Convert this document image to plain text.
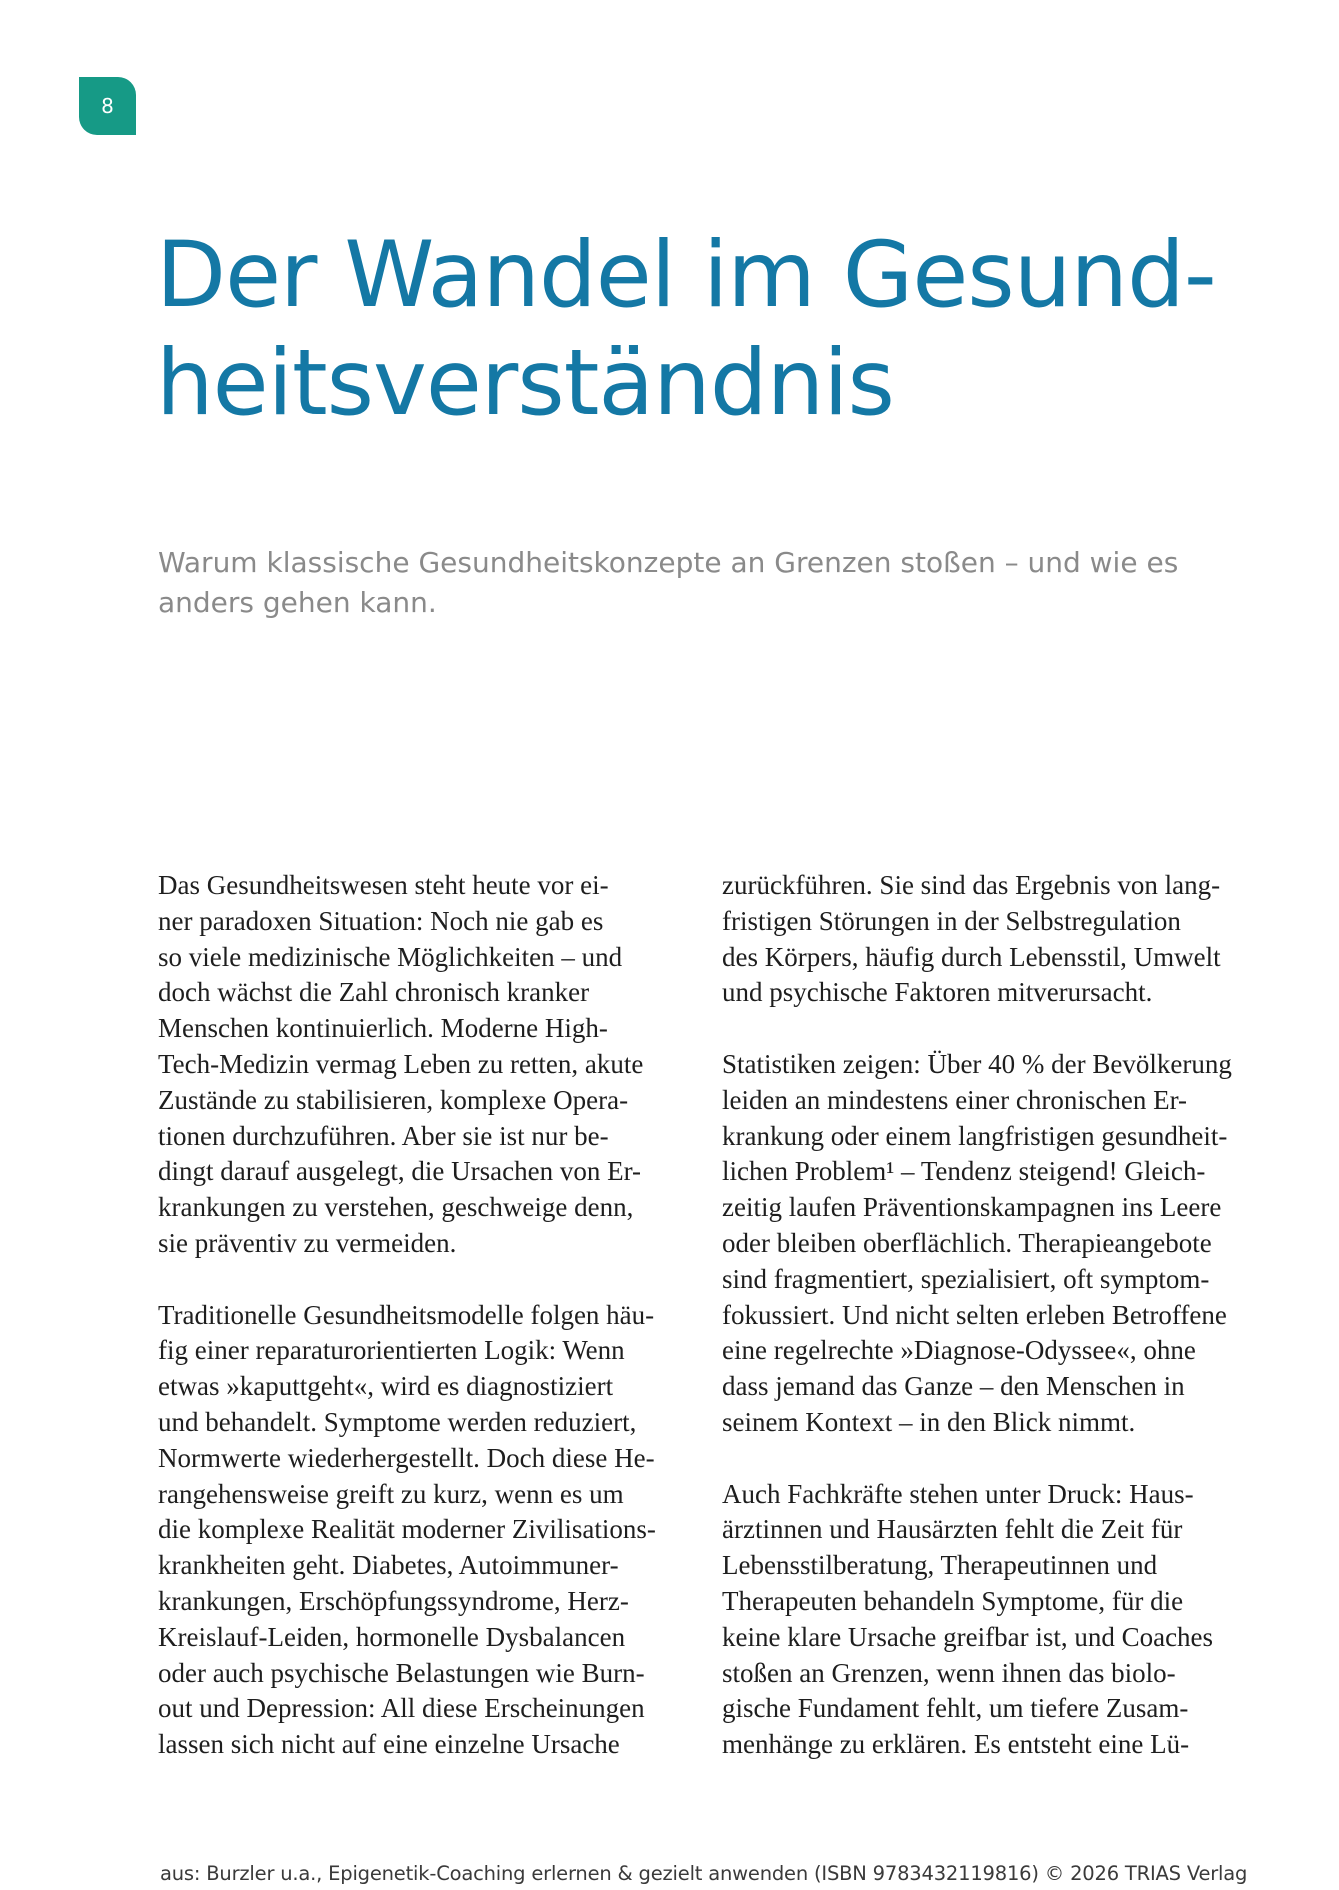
8
Der Wandel im Gesund-
heitsverständnis

Warum klassische Gesundheitskonzepte an Grenzen stoßen – und wie es
anders gehen kann.

Das Gesundheitswesen steht heute vor ei-
ner paradoxen Situation: Noch nie gab es
so viele medizinische Möglichkeiten – und
doch wächst die Zahl chronisch kranker
Menschen kontinuierlich. Moderne High-
Tech-Medizin vermag Leben zu retten, akute
Zustände zu stabilisieren, komplexe Opera-
tionen durchzuführen. Aber sie ist nur be-
dingt darauf ausgelegt, die Ursachen von Er-
krankungen zu verstehen, geschweige denn,
sie präventiv zu vermeiden.

Traditionelle Gesundheitsmodelle folgen häu-
fig einer reparaturorientierten Logik: Wenn
etwas »kaputtgeht«, wird es diagnostiziert
und behandelt. Symptome werden reduziert,
Normwerte wiederhergestellt. Doch diese He-
rangehensweise greift zu kurz, wenn es um
die komplexe Realität moderner Zivilisations-
krankheiten geht. Diabetes, Autoimmuner-
krankungen, Erschöpfungssyndrome, Herz-
Kreislauf-Leiden, hormonelle Dysbalancen
oder auch psychische Belastungen wie Burn-
out und Depression: All diese Erscheinungen
lassen sich nicht auf eine einzelne Ursache

zurückführen. Sie sind das Ergebnis von lang-
fristigen Störungen in der Selbstregulation
des Körpers, häufig durch Lebensstil, Umwelt
und psychische Faktoren mitverursacht.

Statistiken zeigen: Über 40 % der Bevölkerung
leiden an mindestens einer chronischen Er-
krankung oder einem langfristigen gesundheit-
lichen Problem¹ – Tendenz steigend! Gleich-
zeitig laufen Präventionskampagnen ins Leere
oder bleiben oberflächlich. Therapieangebote
sind fragmentiert, spezialisiert, oft symptom-
fokussiert. Und nicht selten erleben Betroffene
eine regelrechte »Diagnose-Odyssee«, ohne
dass jemand das Ganze – den Menschen in
seinem Kontext – in den Blick nimmt.

Auch Fachkräfte stehen unter Druck: Haus-
ärztinnen und Hausärzten fehlt die Zeit für
Lebensstilberatung, Therapeutinnen und
Therapeuten behandeln Symptome, für die
keine klare Ursache greifbar ist, und Coaches
stoßen an Grenzen, wenn ihnen das biolo-
gische Fundament fehlt, um tiefere Zusam-
menhänge zu erklären. Es entsteht eine Lü-

aus: Burzler u.a., Epigenetik-Coaching erlernen & gezielt anwenden (ISBN 9783432119816) © 2026 TRIAS Verlag
